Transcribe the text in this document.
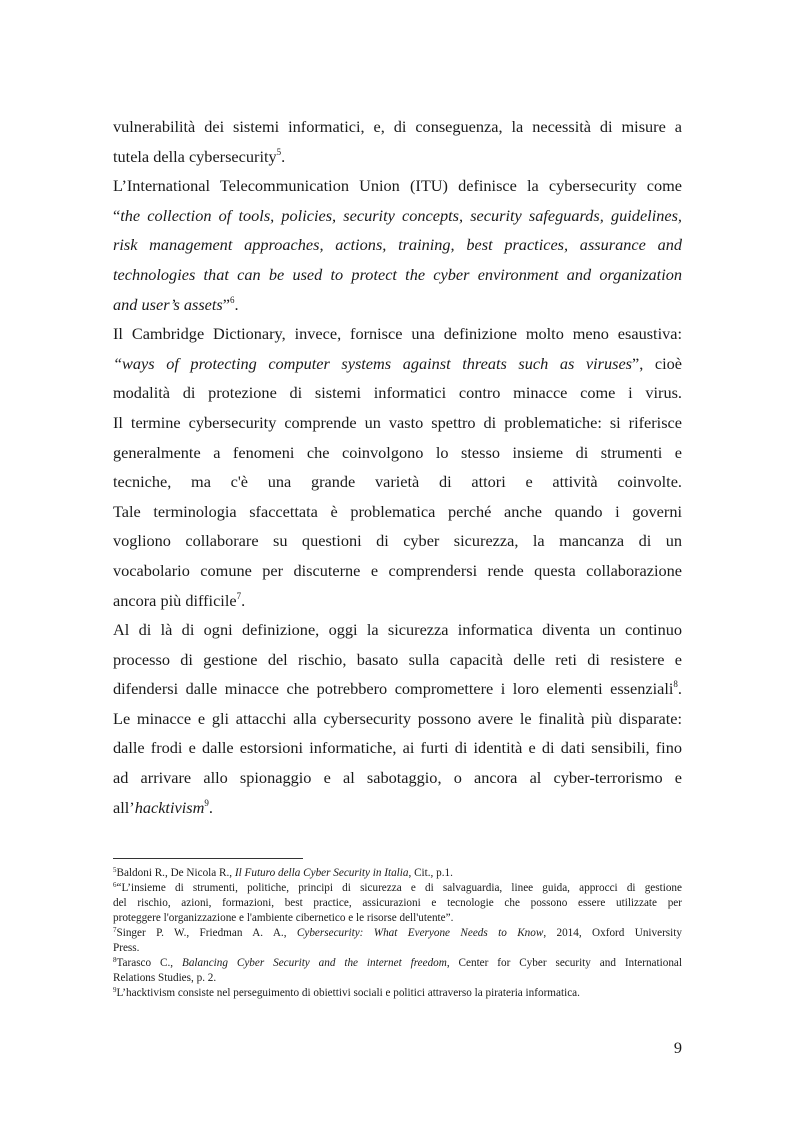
vulnerabilità dei sistemi informatici, e, di conseguenza, la necessità di misure a
tutela della cybersecurity$^5$.
L’International Telecommunication Union (ITU) definisce la cybersecurity come
“the collection of tools, policies, security concepts, security safeguards, guidelines,
risk management approaches, actions, training, best practices, assurance and
technologies that can be used to protect the cyber environment and organization
and user’s assets”$^6$.
Il Cambridge Dictionary, invece, fornisce una definizione molto meno esaustiva:
“ways of protecting computer systems against threats such as viruses”, cioè
modalità di protezione di sistemi informatici contro minacce come i virus.
Il termine cybersecurity comprende un vasto spettro di problematiche: si riferisce
generalmente a fenomeni che coinvolgono lo stesso insieme di strumenti e
tecniche, ma c'è una grande varietà di attori e attività coinvolte.
Tale terminologia sfaccettata è problematica perché anche quando i governi
vogliono collaborare su questioni di cyber sicurezza, la mancanza di un
vocabolario comune per discuterne e comprendersi rende questa collaborazione
ancora più difficile$^7$.
Al di là di ogni definizione, oggi la sicurezza informatica diventa un continuo
processo di gestione del rischio, basato sulla capacità delle reti di resistere e
difendersi dalle minacce che potrebbero compromettere i loro elementi essenziali$^8$.
Le minacce e gli attacchi alla cybersecurity possono avere le finalità più disparate:
dalle frodi e dalle estorsioni informatiche, ai furti di identità e di dati sensibili, fino
ad arrivare allo spionaggio e al sabotaggio, o ancora al cyber-terrorismo e
all’hacktivism$^9$.
$^5$Baldoni R., De Nicola R., Il Futuro della Cyber Security in Italia, Cit., p.1.
$^6$“L’insieme di strumenti, politiche, principi di sicurezza e di salvaguardia, linee guida, approcci di gestione
del rischio, azioni, formazioni, best practice, assicurazioni e tecnologie che possono essere utilizzate per
proteggere l'organizzazione e l'ambiente cibernetico e le risorse dell'utente”.
$^7$Singer P. W., Friedman A. A., Cybersecurity: What Everyone Needs to Know, 2014, Oxford University
Press.
$^8$Tarasco C., Balancing Cyber Security and the internet freedom, Center for Cyber security and International
Relations Studies, p. 2.
$^9$L’hacktivism consiste nel perseguimento di obiettivi sociali e politici attraverso la pirateria informatica.
9
